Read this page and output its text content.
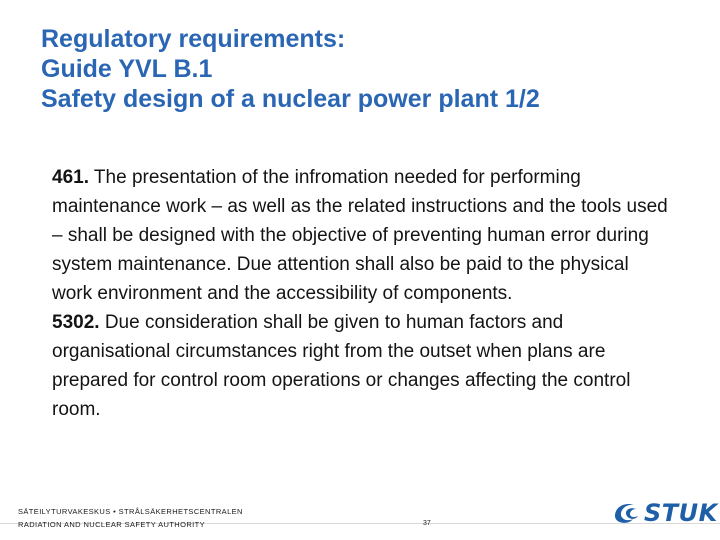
Regulatory requirements:
Guide YVL B.1
Safety design of a nuclear power plant 1/2

461. The presentation of the infromation needed for performing maintenance work – as well as the related instructions and the tools used – shall be designed with the objective of preventing human error during system maintenance. Due attention shall also be paid to the physical work environment and the accessibility of components.

5302. Due consideration shall be given to human factors and organisational circumstances right from the outset when plans are prepared for control room operations or changes affecting the control room.

SÄTEILYTURVAKESKUS • STRÅLSÄKERHETSCENTRALEN
RADIATION AND NUCLEAR SAFETY AUTHORITY	37	STUK
